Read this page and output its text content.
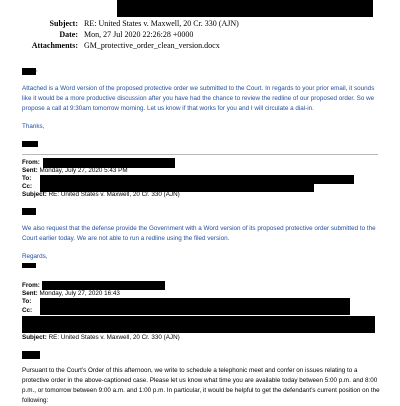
Subject: RE: United States v. Maxwell, 20 Cr. 330 (AJN)
Date: Mon, 27 Jul 2020 22:26:28 +0000
Attachments: GM_protective_order_clean_version.docx
,
Attached is a Word version of the proposed protective order we submitted to the Court. In regards to your prior email, it sounds like it would be a more productive discussion after you have had the chance to review the redline of our proposed order. So we propose a call at 9:30am tomorrow morning. Let us know if that works for you and I will circulate a dial-in.
Thanks,
From:
Sent: Monday, July 27, 2020 5:43 PM
To:
Cc:
Subject: RE: United States v. Maxwell, 20 Cr. 330 (AJN)
We also request that the defense provide the Government with a Word version of its proposed protective order submitted to the Court earlier today. We are not able to run a redline using the filed version.
Regards,
From:
Sent: Monday, July 27, 2020 16:43
To:
Cc:
Subject: RE: United States v. Maxwell, 20 Cr. 330 (AJN)
Pursuant to the Court’s Order of this afternoon, we write to schedule a telephonic meet and confer on issues relating to a protective order in the above-captioned case. Please let us know what time you are available today between 5:00 p.m. and 8:00 p.m., or tomorrow between 9:00 a.m. and 1:00 p.m. In particular, it would be helpful to get the defendant’s current position on the following:
